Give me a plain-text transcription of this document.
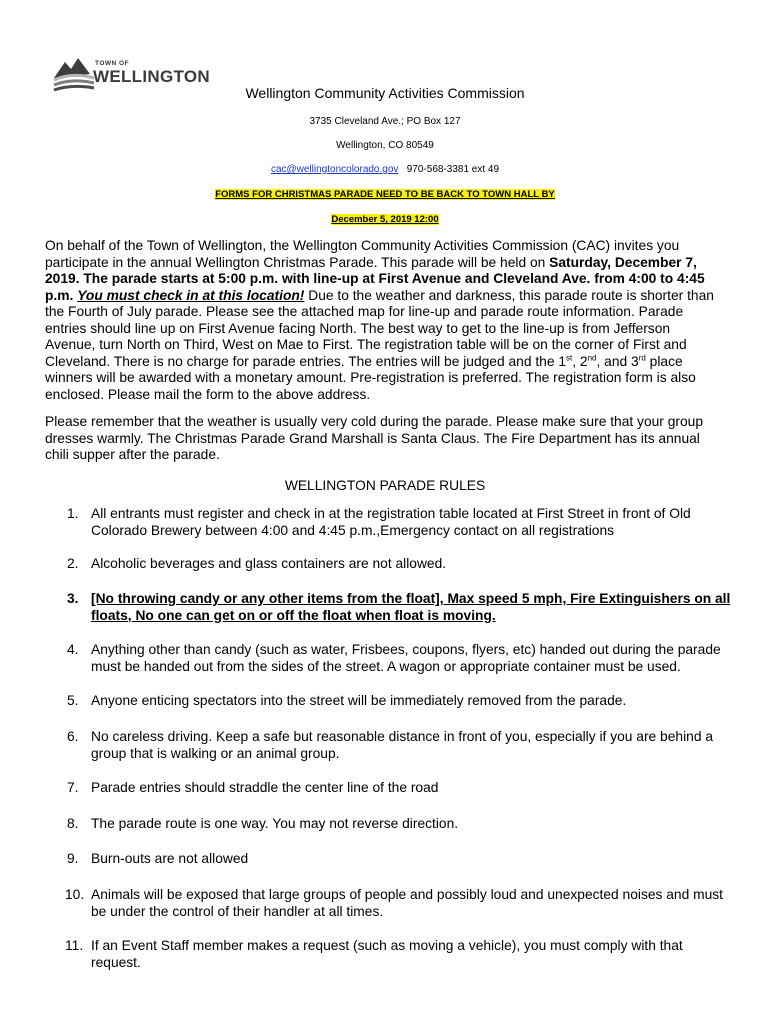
TOWN OF
WELLINGTON
Wellington Community Activities Commission
3735 Cleveland Ave.; PO Box 127
Wellington, CO 80549
cac@wellingtoncolorado.gov 970-568-3381 ext 49
FORMS FOR CHRISTMAS PARADE NEED TO BE BACK TO TOWN HALL BY
December 5, 2019 12:00
On behalf of the Town of Wellington, the Wellington Community Activities Commission (CAC) invites you participate in the annual Wellington Christmas Parade. This parade will be held on Saturday, December 7, 2019. The parade starts at 5:00 p.m. with line-up at First Avenue and Cleveland Ave. from 4:00 to 4:45 p.m. You must check in at this location! Due to the weather and darkness, this parade route is shorter than the Fourth of July parade. Please see the attached map for line-up and parade route information. Parade entries should line up on First Avenue facing North. The best way to get to the line-up is from Jefferson Avenue, turn North on Third, West on Mae to First. The registration table will be on the corner of First and Cleveland. There is no charge for parade entries. The entries will be judged and the 1st, 2nd, and 3rd place winners will be awarded with a monetary amount. Pre-registration is preferred. The registration form is also enclosed. Please mail the form to the above address.
Please remember that the weather is usually very cold during the parade. Please make sure that your group dresses warmly. The Christmas Parade Grand Marshall is Santa Claus. The Fire Department has its annual chili supper after the parade.
WELLINGTON PARADE RULES
1. All entrants must register and check in at the registration table located at First Street in front of Old Colorado Brewery between 4:00 and 4:45 p.m.,Emergency contact on all registrations
2. Alcoholic beverages and glass containers are not allowed.
3. [No throwing candy or any other items from the float], Max speed 5 mph, Fire Extinguishers on all floats, No one can get on or off the float when float is moving.
4. Anything other than candy (such as water, Frisbees, coupons, flyers, etc) handed out during the parade must be handed out from the sides of the street. A wagon or appropriate container must be used.
5. Anyone enticing spectators into the street will be immediately removed from the parade.
6. No careless driving. Keep a safe but reasonable distance in front of you, especially if you are behind a group that is walking or an animal group.
7. Parade entries should straddle the center line of the road
8. The parade route is one way. You may not reverse direction.
9. Burn-outs are not allowed
10. Animals will be exposed that large groups of people and possibly loud and unexpected noises and must be under the control of their handler at all times.
11. If an Event Staff member makes a request (such as moving a vehicle), you must comply with that request.
